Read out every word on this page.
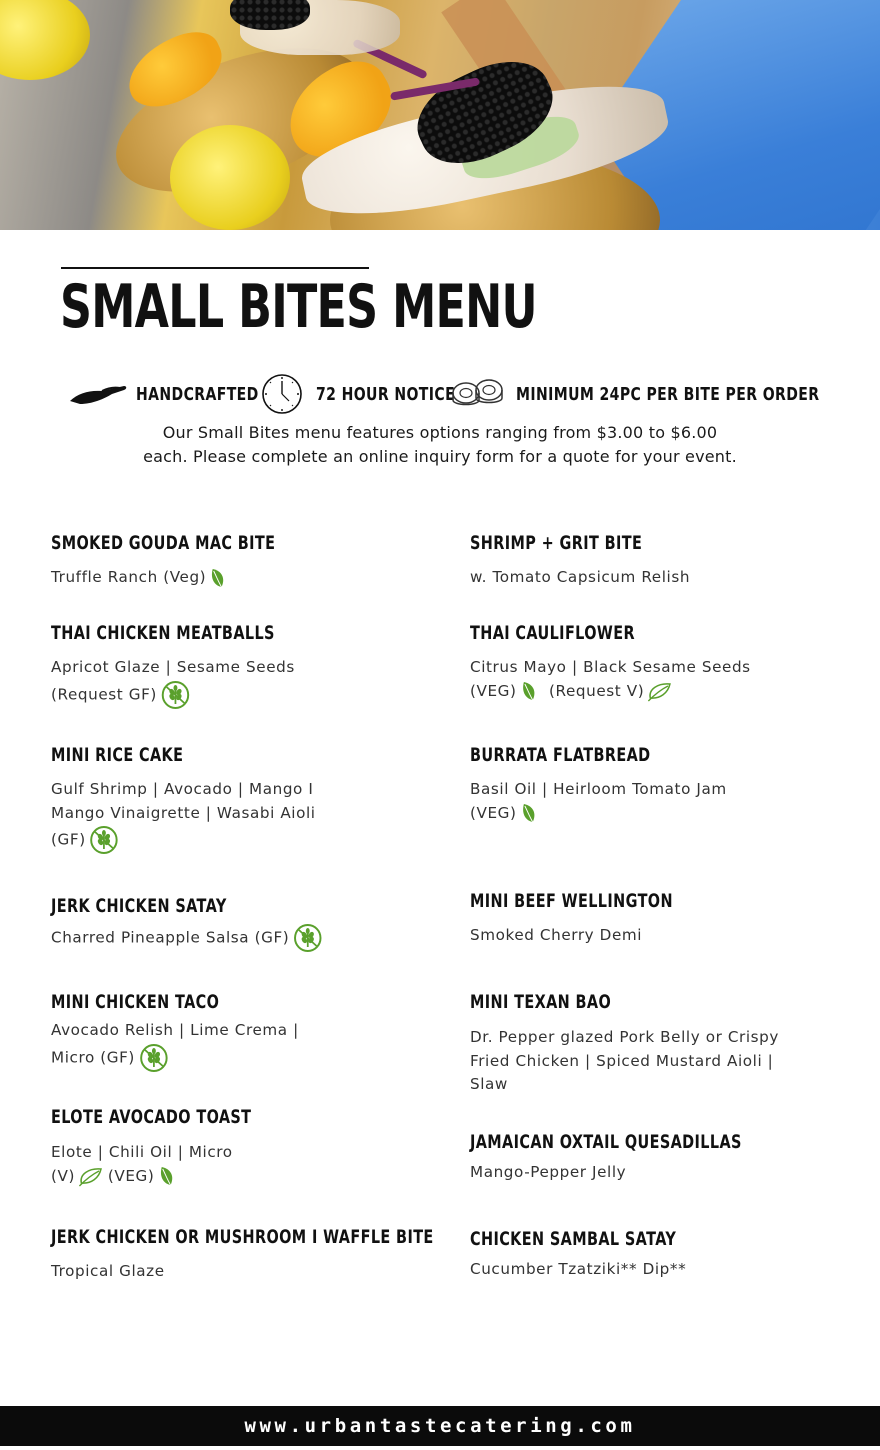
SMALL BITES MENU
HANDCRAFTED	72 HOUR NOTICE	MINIMUM 24PC PER BITE PER ORDER
Our Small Bites menu features options ranging from $3.00 to $6.00
each. Please complete an online inquiry form for a quote for your event.
SMOKED GOUDA MAC BITE
Truffle Ranch (Veg)
THAI CHICKEN MEATBALLS
Apricot Glaze | Sesame Seeds
(Request GF)
MINI RICE CAKE
Gulf Shrimp | Avocado | Mango I
Mango Vinaigrette | Wasabi Aioli
(GF)
JERK CHICKEN SATAY
Charred Pineapple Salsa (GF)
MINI CHICKEN TACO
Avocado Relish | Lime Crema |
Micro (GF)
ELOTE AVOCADO TOAST
Elote | Chili Oil | Micro
(V) (VEG)
JERK CHICKEN OR MUSHROOM I WAFFLE BITE
Tropical Glaze
SHRIMP + GRIT BITE
w. Tomato Capsicum Relish
THAI CAULIFLOWER
Citrus Mayo | Black Sesame Seeds
(VEG) (Request V)
BURRATA FLATBREAD
Basil Oil | Heirloom Tomato Jam
(VEG)
MINI BEEF WELLINGTON
Smoked Cherry Demi
MINI TEXAN BAO
Dr. Pepper glazed Pork Belly or Crispy
Fried Chicken | Spiced Mustard Aioli |
Slaw
JAMAICAN OXTAIL QUESADILLAS
Mango-Pepper Jelly
CHICKEN SAMBAL SATAY
Cucumber Tzatziki** Dip**
www.urbantastecatering.com
